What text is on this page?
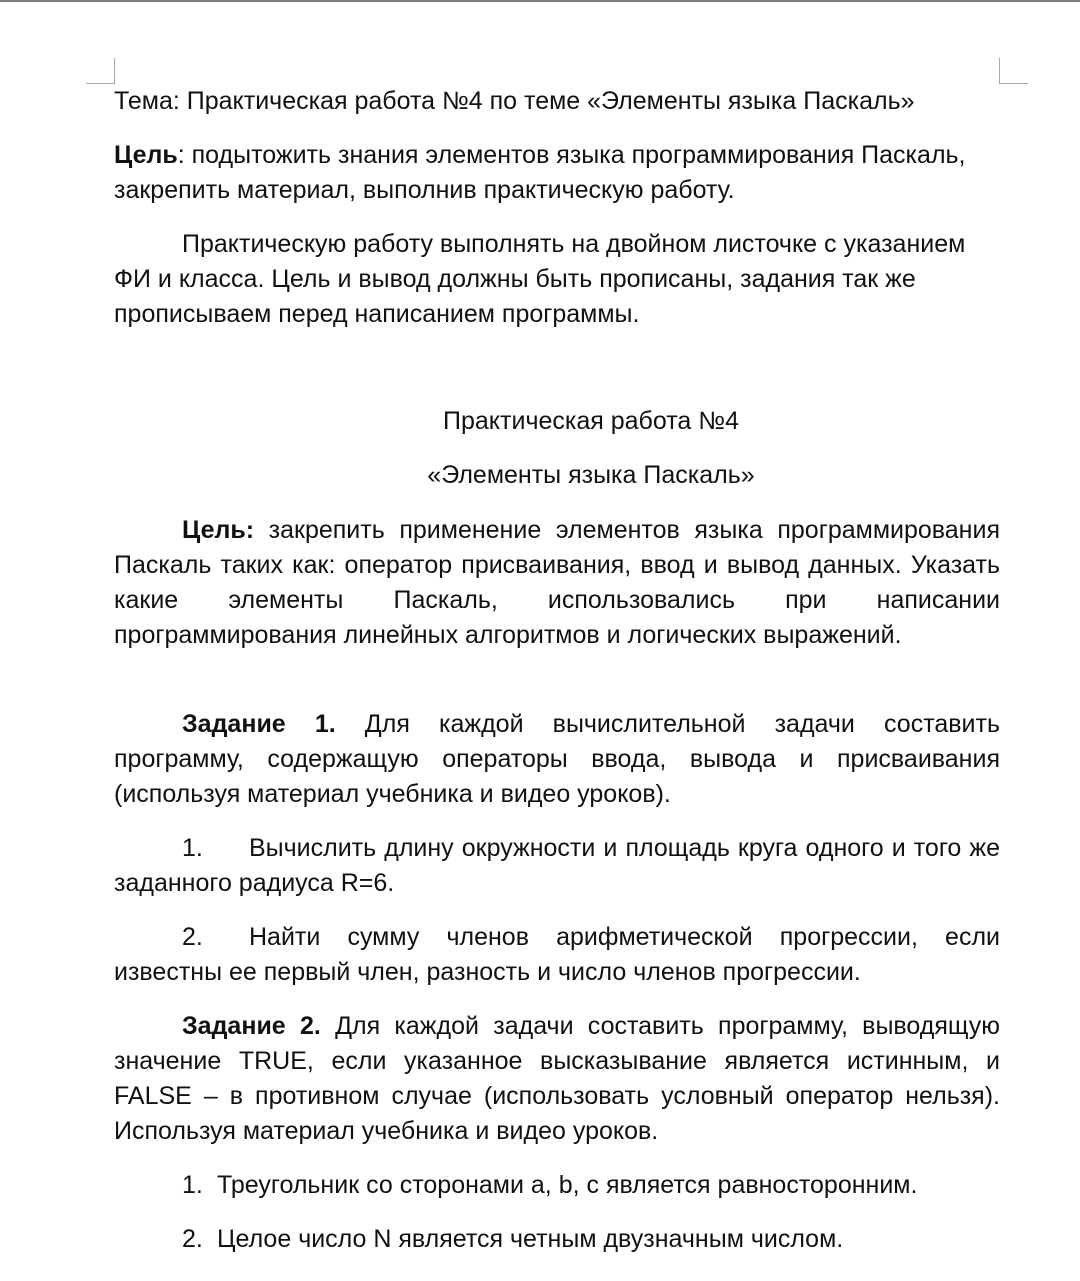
Тема: Практическая работа №4 по теме «Элементы языка Паскаль»

Цель: подытожить знания элементов языка программирования Паскаль, закрепить материал, выполнив практическую работу.

Практическую работу выполнять на двойном листочке с указанием ФИ и класса. Цель и вывод должны быть прописаны, задания так же прописываем перед написанием программы.

Практическая работа №4

«Элементы языка Паскаль»

Цель: закрепить применение элементов языка программирования Паскаль таких как: оператор присваивания, ввод и вывод данных. Указать какие элементы Паскаль, использовались при написании программирования линейных алгоритмов и логических выражений.

Задание 1. Для каждой вычислительной задачи составить программу, содержащую операторы ввода, вывода и присваивания (используя материал учебника и видео уроков).

1. Вычислить длину окружности и площадь круга одного и того же заданного радиуса R=6.

2. Найти сумму членов арифметической прогрессии, если известны ее первый член, разность и число членов прогрессии.

Задание 2. Для каждой задачи составить программу, выводящую значение TRUE, если указанное высказывание является истинным, и FALSE – в противном случае (использовать условный оператор нельзя). Используя материал учебника и видео уроков.

1. Треугольник со сторонами a, b, c является равносторонним.

2. Целое число N является четным двузначным числом.
